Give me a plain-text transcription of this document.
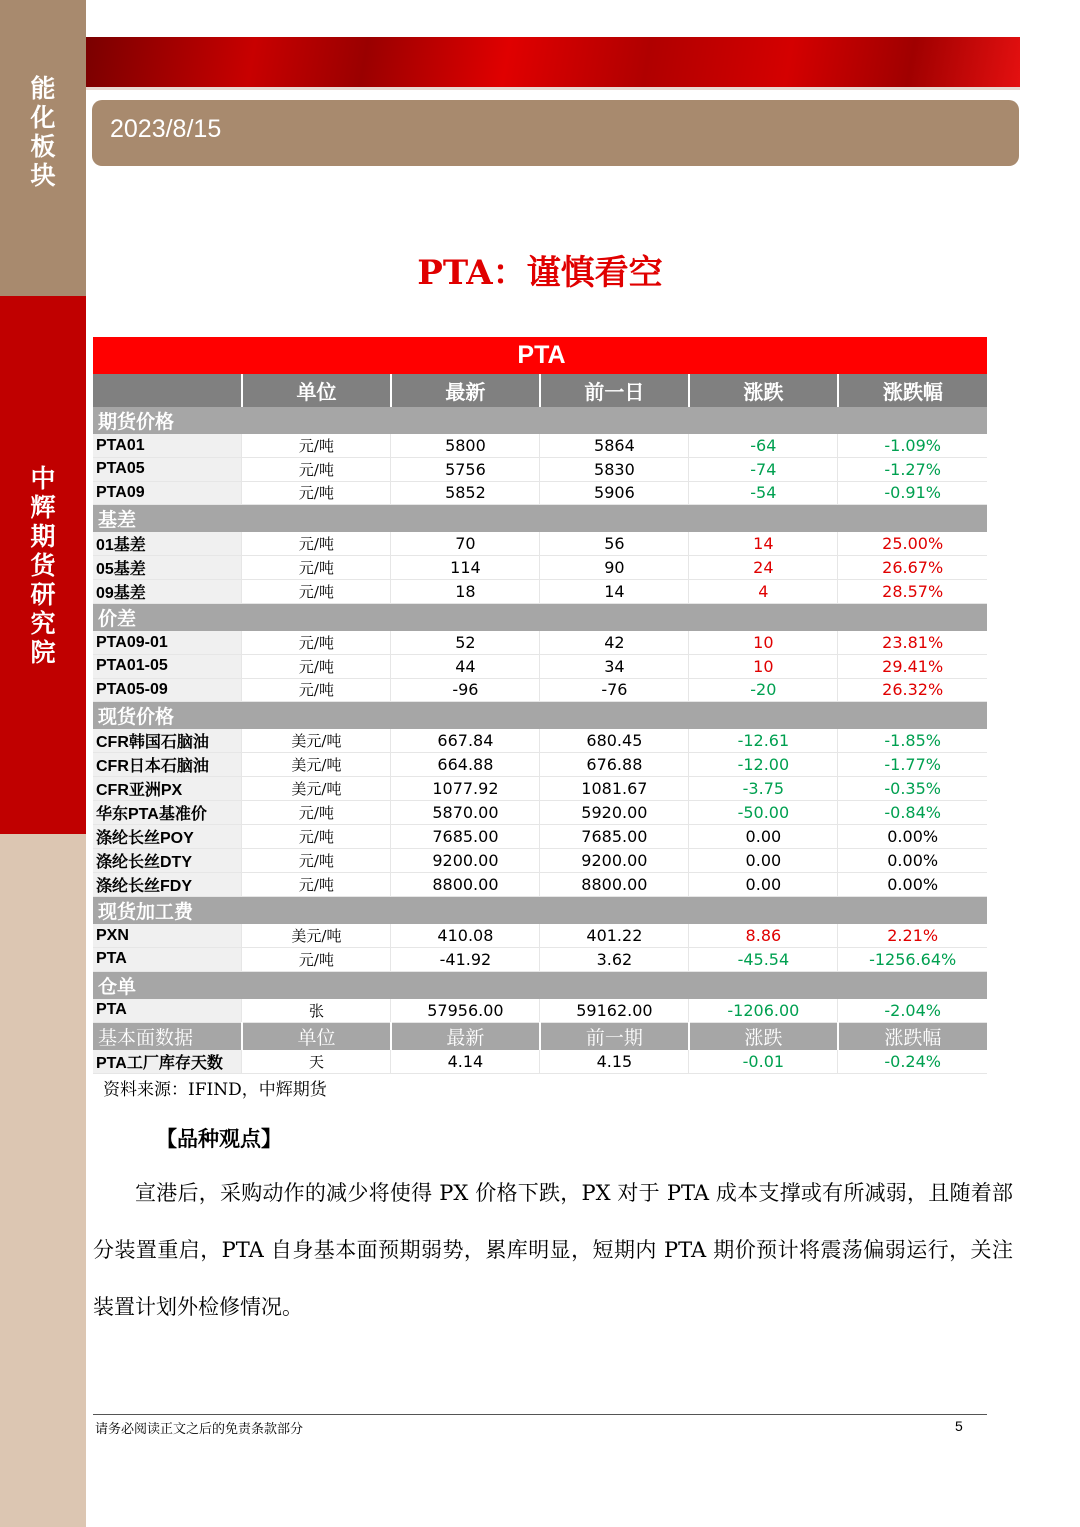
能
化
板
块
中
辉
期
货
研
究
院
2023/8/15
PTA：谨慎看空
PTA					
	单位	最新	前一日	涨跌	涨跌幅
期货价格					
PTA01	元/吨	5800	5864	-64	-1.09%
PTA05	元/吨	5756	5830	-74	-1.27%
PTA09	元/吨	5852	5906	-54	-0.91%
基差					
01基差	元/吨	70	56	14	25.00%
05基差	元/吨	114	90	24	26.67%
09基差	元/吨	18	14	4	28.57%
价差					
PTA09-01	元/吨	52	42	10	23.81%
PTA01-05	元/吨	44	34	10	29.41%
PTA05-09	元/吨	-96	-76	-20	26.32%
现货价格					
CFR韩国石脑油	美元/吨	667.84	680.45	-12.61	-1.85%
CFR日本石脑油	美元/吨	664.88	676.88	-12.00	-1.77%
CFR亚洲PX	美元/吨	1077.92	1081.67	-3.75	-0.35%
华东PTA基准价	元/吨	5870.00	5920.00	-50.00	-0.84%
涤纶长丝POY	元/吨	7685.00	7685.00	0.00	0.00%
涤纶长丝DTY	元/吨	9200.00	9200.00	0.00	0.00%
涤纶长丝FDY	元/吨	8800.00	8800.00	0.00	0.00%
现货加工费					
PXN	美元/吨	410.08	401.22	8.86	2.21%
PTA	元/吨	-41.92	3.62	-45.54	-1256.64%
仓单					
PTA	张	57956.00	59162.00	-1206.00	-2.04%
基本面数据	单位	最新	前一期	涨跌	涨跌幅
PTA工厂库存天数	天	4.14	4.15	-0.01	-0.24%
资料来源：IFIND，中辉期货
【品种观点】
宣港后，采购动作的减少将使得 PX 价格下跌，PX 对于 PTA 成本支撑或有所减弱，且随着部分装置重启，PTA 自身基本面预期弱势，累库明显，短期内 PTA 期价预计将震荡偏弱运行，关注装置计划外检修情况。
请务必阅读正文之后的免责条款部分	5
